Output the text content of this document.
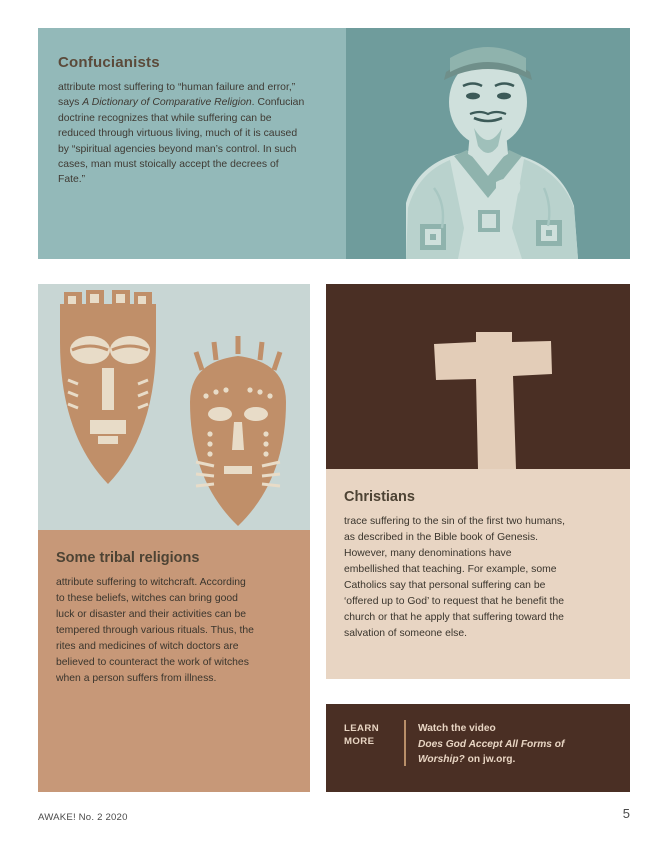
Confucianists
attribute most suffering to “human failure and error,” says A Dictionary of Comparative Religion. Confucian doctrine recognizes that while suffering can be reduced through virtuous living, much of it is caused by “spiritual agencies beyond man’s control. In such cases, man must stoically accept the decrees of Fate.”
Some tribal religions
attribute suffering to witchcraft. According to these beliefs, witches can bring good luck or disaster and their activities can be tempered through various rituals. Thus, the rites and medicines of witch doctors are believed to counteract the work of witches when a person suffers from illness.
Christians
trace suffering to the sin of the first two humans, as described in the Bible book of Genesis. However, many denominations have embellished that teaching. For example, some Catholics say that personal suffering can be ‘offered up to God’ to request that he benefit the church or that he apply that suffering toward the salvation of someone else.
LEARN
MORE
Watch the video
Does God Accept All Forms of Worship? on jw.org.
AWAKE! No. 2 2020	5
